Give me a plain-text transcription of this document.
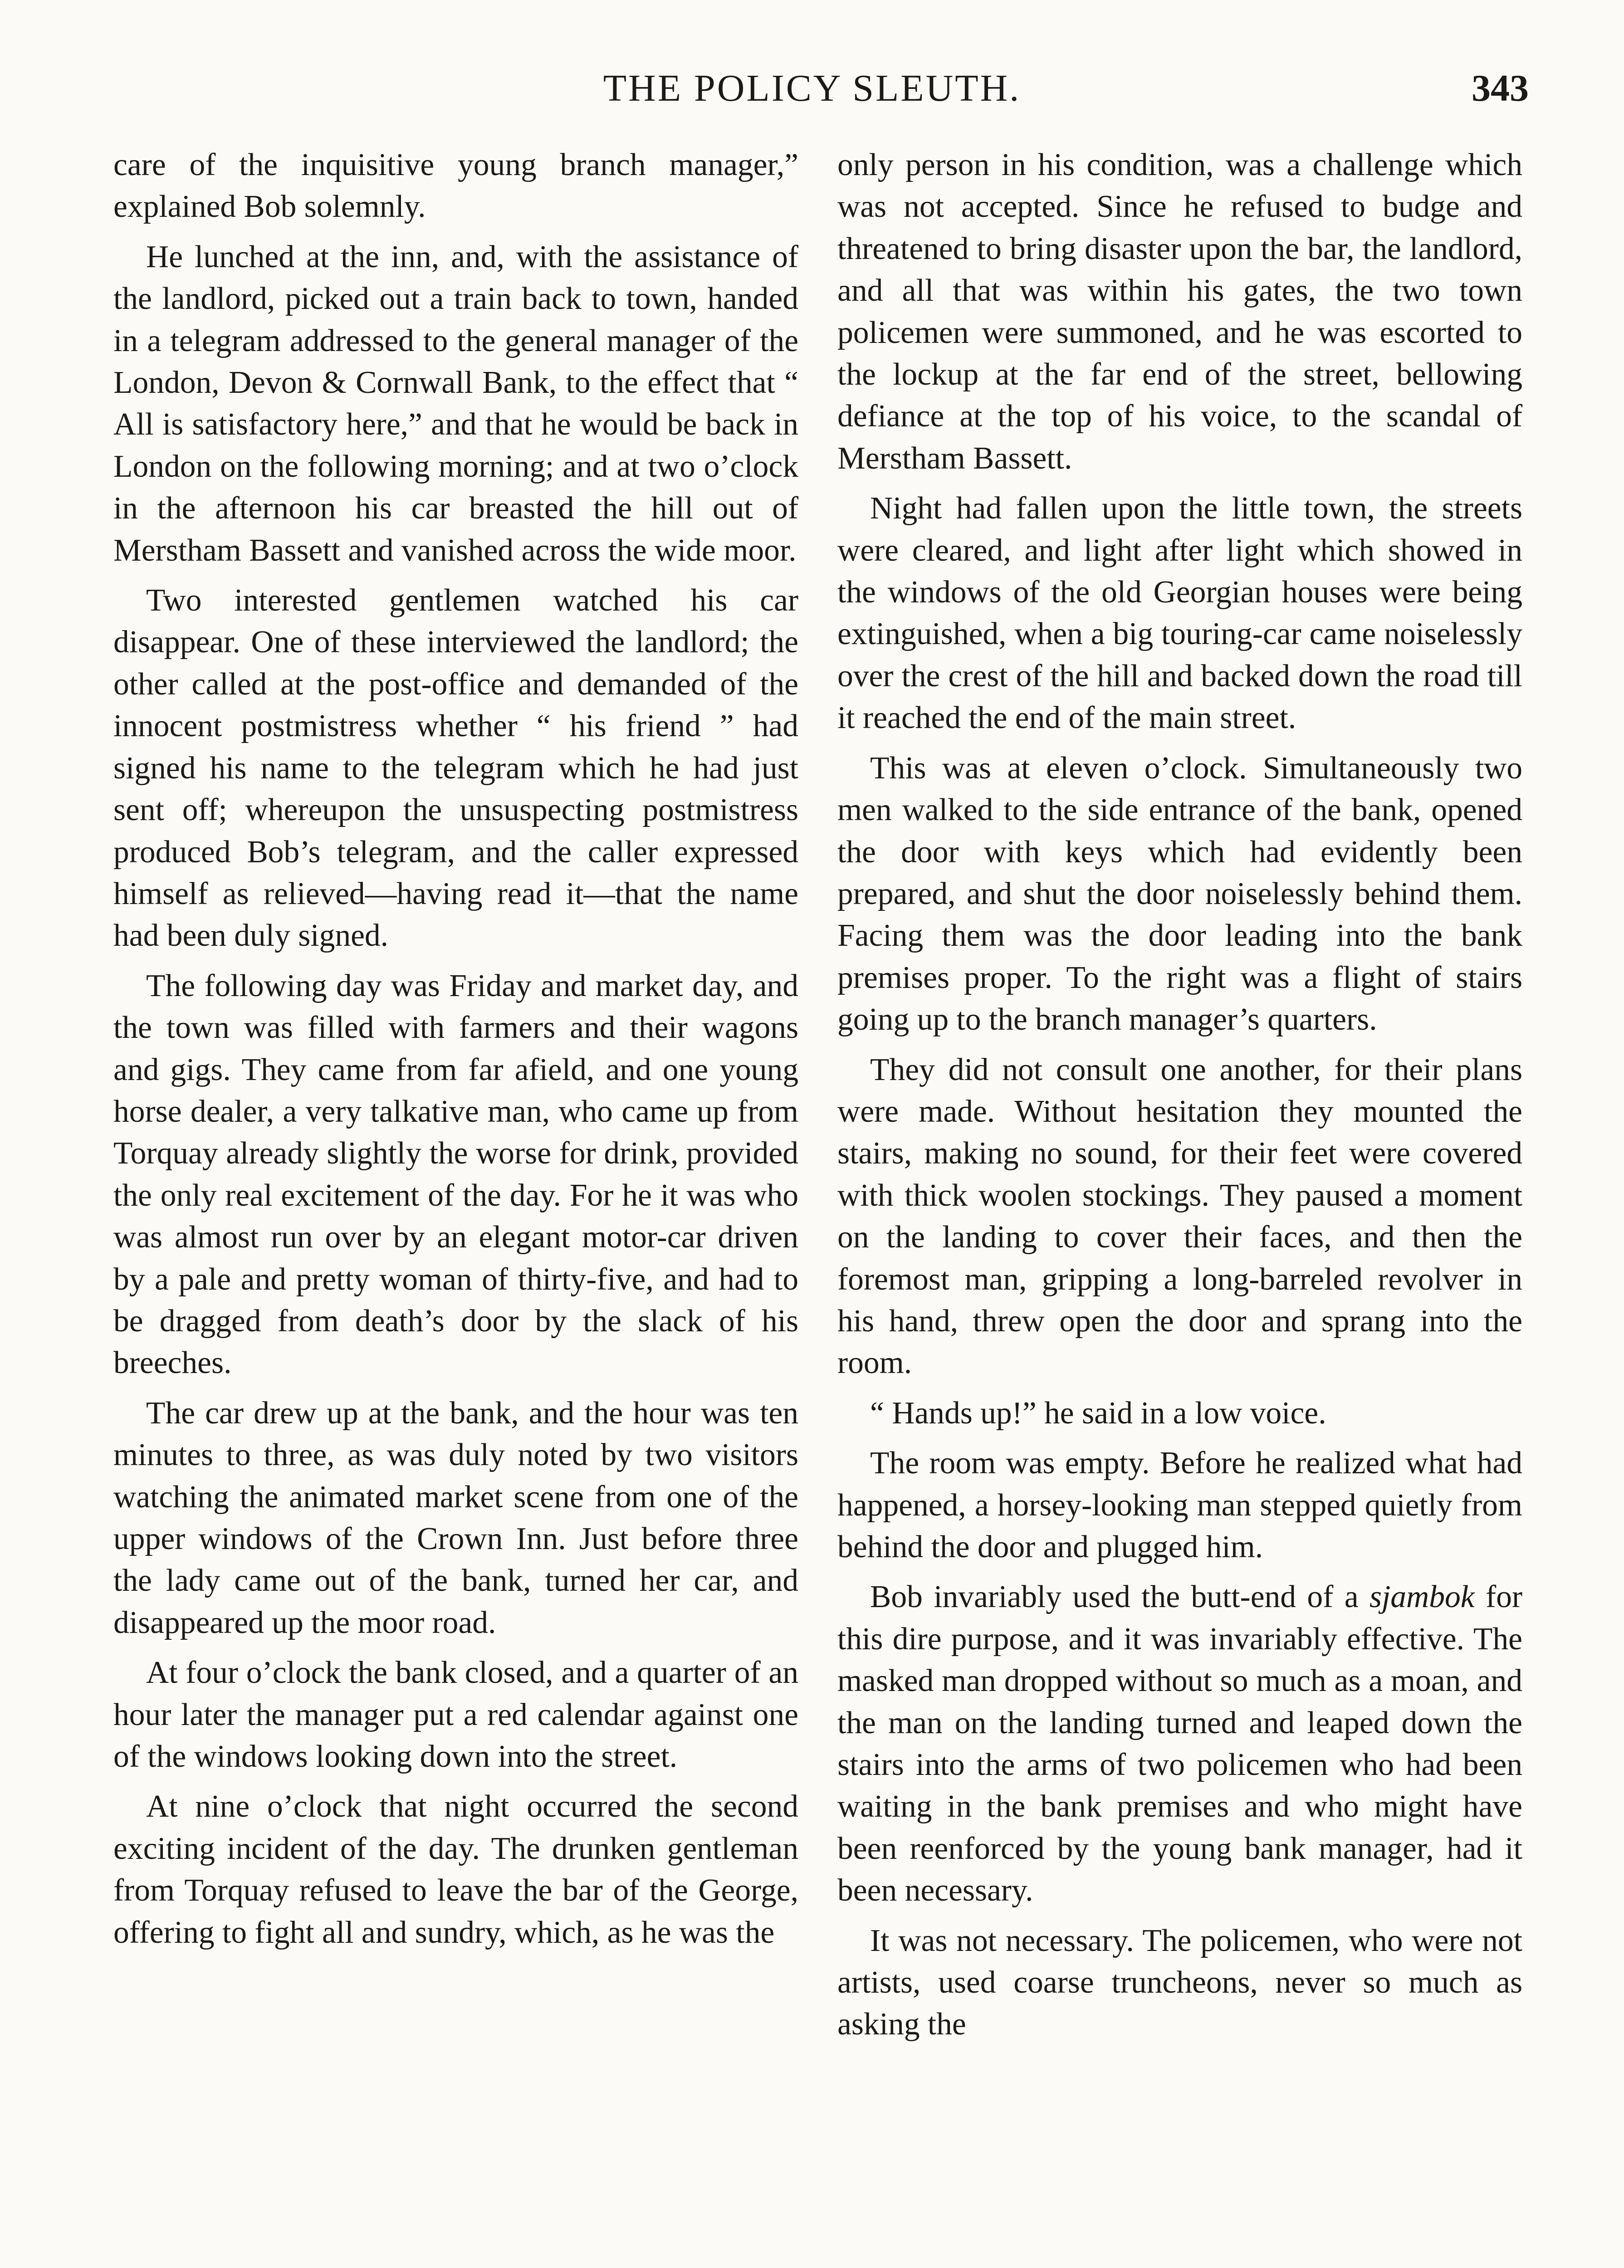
THE POLICY SLEUTH.	343

care of the inquisitive young branch manager,” explained Bob solemnly.

He lunched at the inn, and, with the assistance of the landlord, picked out a train back to town, handed in a telegram addressed to the general manager of the London, Devon & Cornwall Bank, to the effect that “ All is satisfactory here,” and that he would be back in London on the following morning; and at two o’clock in the afternoon his car breasted the hill out of Merstham Bassett and vanished across the wide moor.

Two interested gentlemen watched his car disappear. One of these interviewed the landlord; the other called at the post-office and demanded of the innocent postmistress whether “ his friend ” had signed his name to the telegram which he had just sent off; whereupon the unsuspecting postmistress produced Bob’s telegram, and the caller expressed himself as relieved—having read it—that the name had been duly signed.

The following day was Friday and market day, and the town was filled with farmers and their wagons and gigs. They came from far afield, and one young horse dealer, a very talkative man, who came up from Torquay already slightly the worse for drink, provided the only real excitement of the day. For he it was who was almost run over by an elegant motor-car driven by a pale and pretty woman of thirty-five, and had to be dragged from death’s door by the slack of his breeches.

The car drew up at the bank, and the hour was ten minutes to three, as was duly noted by two visitors watching the animated market scene from one of the upper windows of the Crown Inn. Just before three the lady came out of the bank, turned her car, and disappeared up the moor road.

At four o’clock the bank closed, and a quarter of an hour later the manager put a red calendar against one of the windows looking down into the street.

At nine o’clock that night occurred the second exciting incident of the day. The drunken gentleman from Torquay refused to leave the bar of the George, offering to fight all and sundry, which, as he was the

only person in his condition, was a challenge which was not accepted. Since he refused to budge and threatened to bring disaster upon the bar, the landlord, and all that was within his gates, the two town policemen were summoned, and he was escorted to the lockup at the far end of the street, bellowing defiance at the top of his voice, to the scandal of Merstham Bassett.

Night had fallen upon the little town, the streets were cleared, and light after light which showed in the windows of the old Georgian houses were being extinguished, when a big touring-car came noiselessly over the crest of the hill and backed down the road till it reached the end of the main street.

This was at eleven o’clock. Simultaneously two men walked to the side entrance of the bank, opened the door with keys which had evidently been prepared, and shut the door noiselessly behind them. Facing them was the door leading into the bank premises proper. To the right was a flight of stairs going up to the branch manager’s quarters.

They did not consult one another, for their plans were made. Without hesitation they mounted the stairs, making no sound, for their feet were covered with thick woolen stockings. They paused a moment on the landing to cover their faces, and then the foremost man, gripping a long-barreled revolver in his hand, threw open the door and sprang into the room.

“ Hands up!” he said in a low voice.

The room was empty. Before he realized what had happened, a horsey-looking man stepped quietly from behind the door and plugged him.

Bob invariably used the butt-end of a sjambok for this dire purpose, and it was invariably effective. The masked man dropped without so much as a moan, and the man on the landing turned and leaped down the stairs into the arms of two policemen who had been waiting in the bank premises and who might have been reenforced by the young bank manager, had it been necessary.

It was not necessary. The policemen, who were not artists, used coarse truncheons, never so much as asking the
